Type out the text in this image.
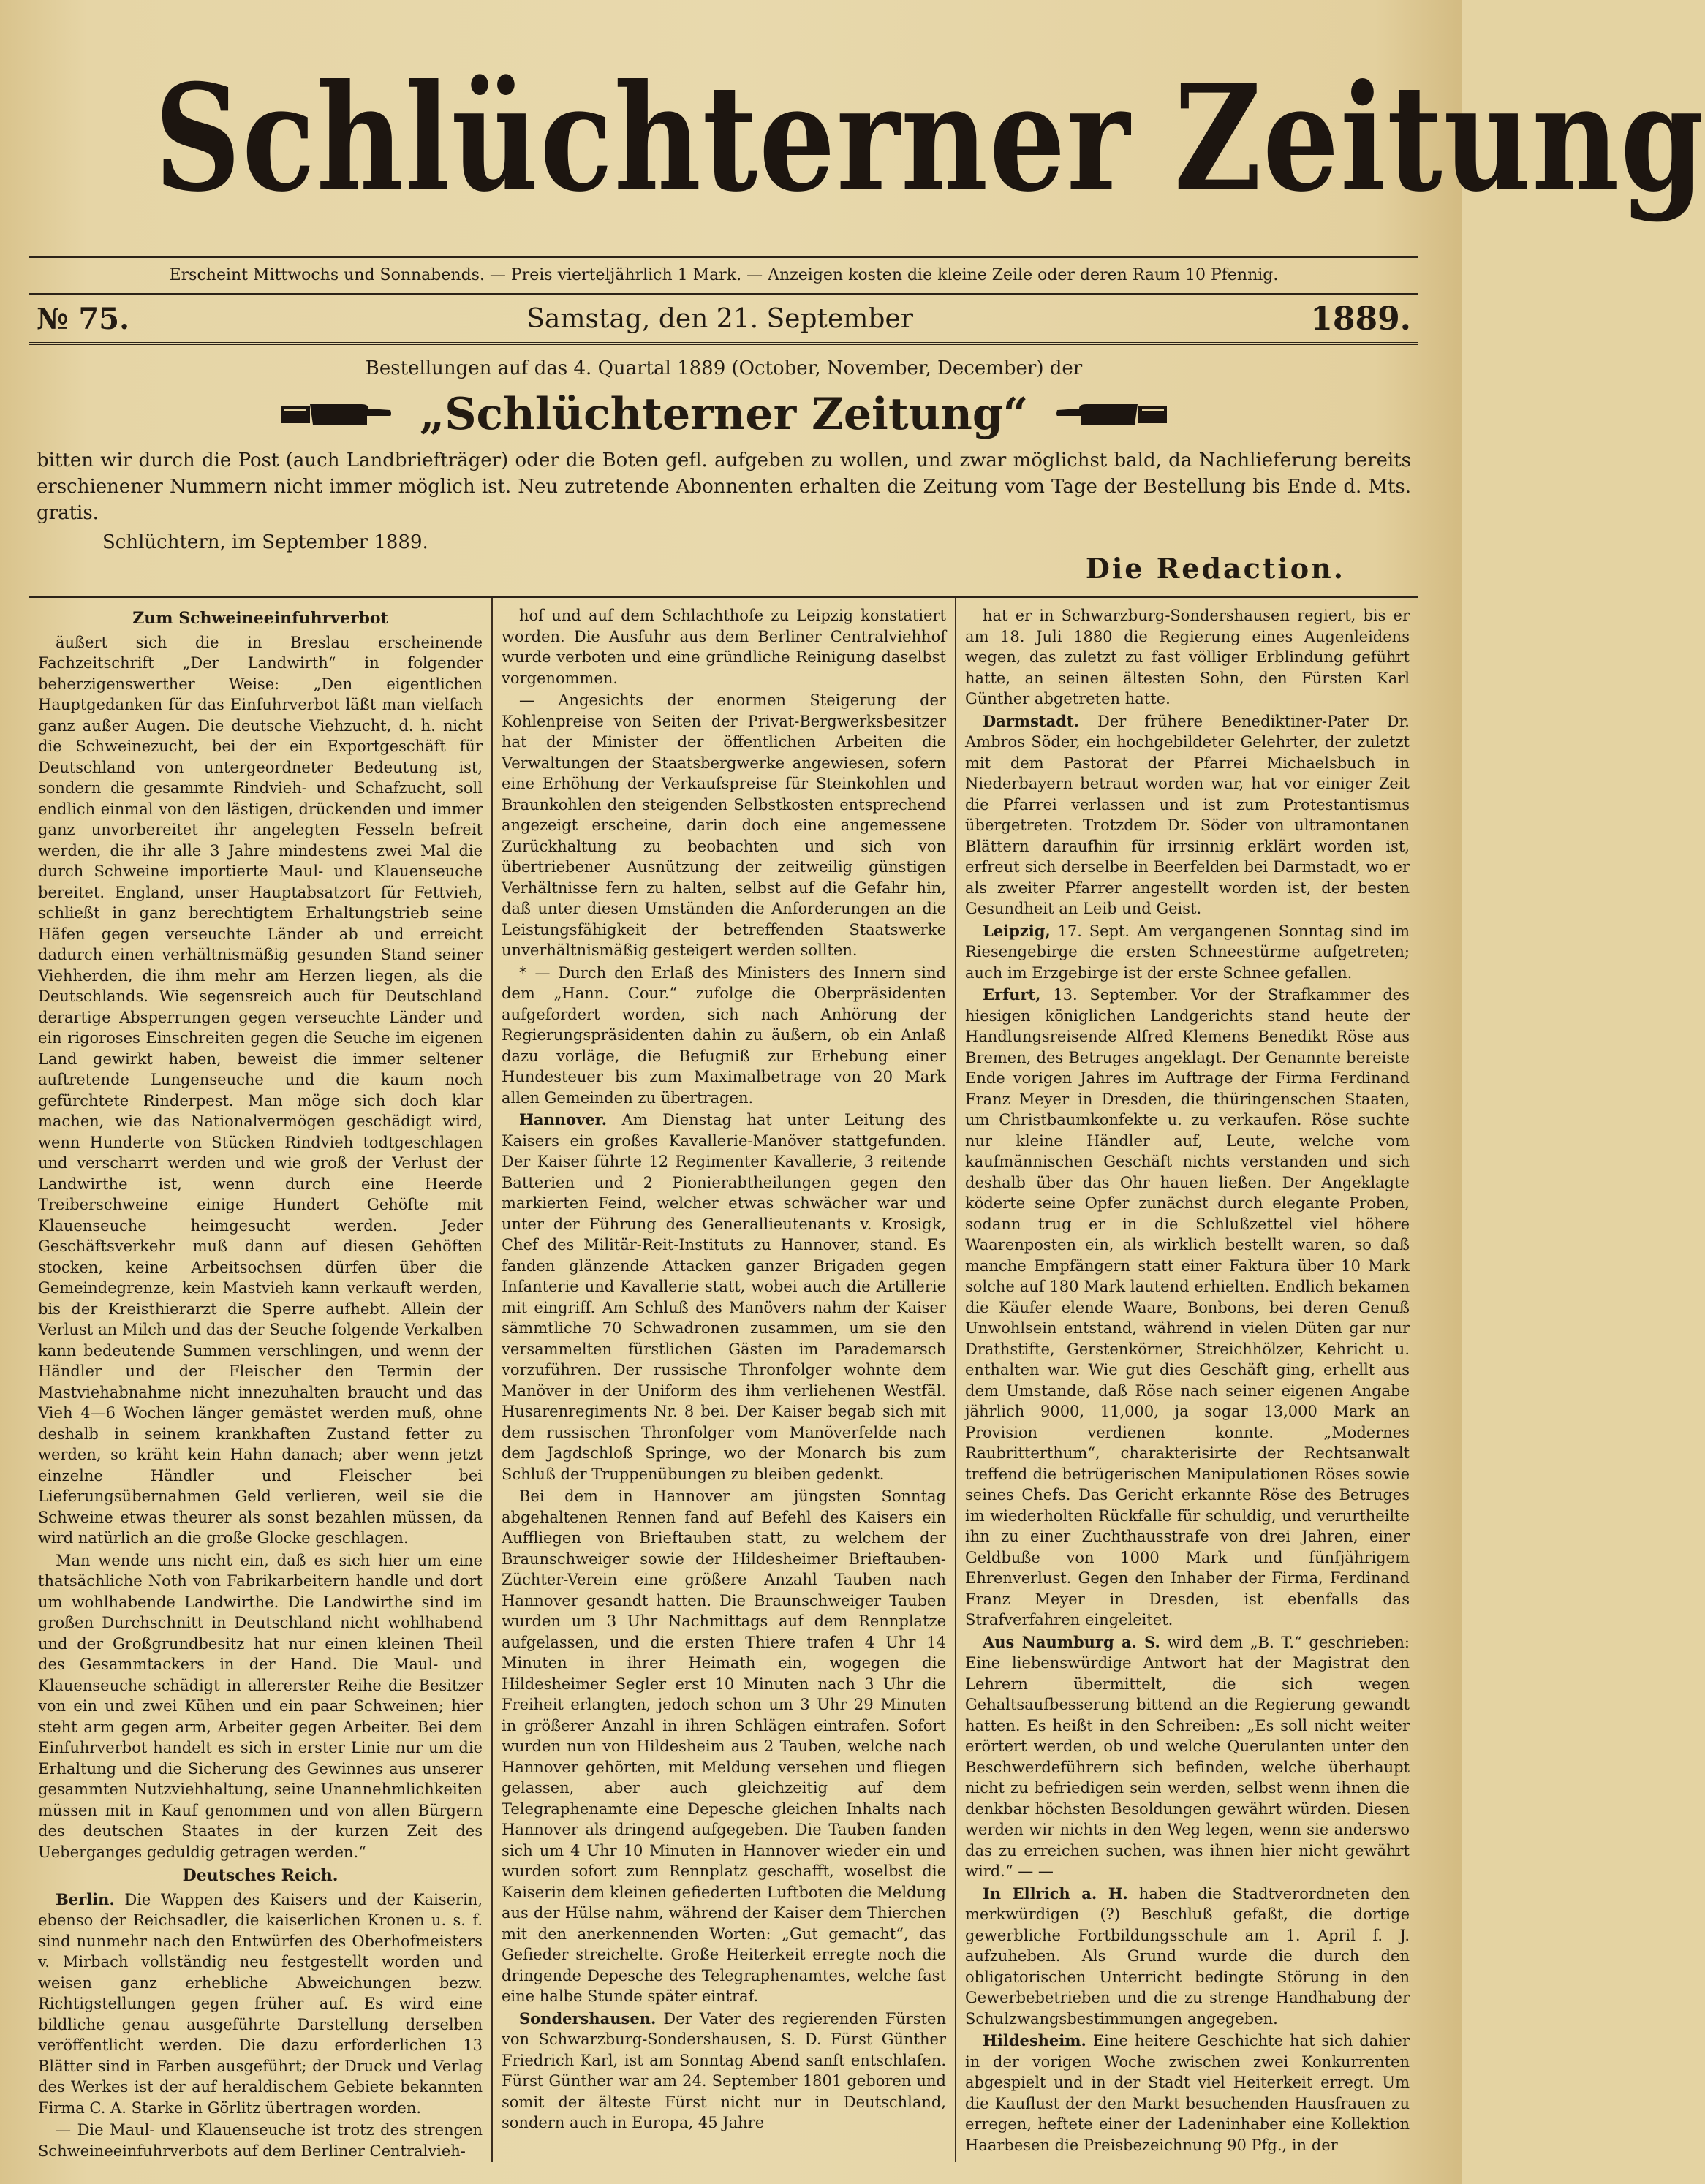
Schlüchterner Zeitung
Erscheint Mittwochs und Sonnabends. — Preis vierteljährlich 1 Mark. — Anzeigen kosten die kleine Zeile oder deren Raum 10 Pfennig.
№ 75.	Samstag, den 21. September	1889.
Bestellungen auf das 4. Quartal 1889 (October, November, December) der
„Schlüchterner Zeitung“
bitten wir durch die Post (auch Landbriefträger) oder die Boten gefl. aufgeben zu wollen, und zwar möglichst bald, da Nachlieferung bereits erschienener Nummern nicht immer möglich ist. Neu zutretende Abonnenten erhalten die Zeitung vom Tage der Bestellung bis Ende d. Mts. gratis.
Schlüchtern, im September 1889.
Die Redaction.
Zum Schweineeinfuhrverbot

äußert sich die in Breslau erscheinende Fachzeitschrift „Der Landwirth“ in folgender beherzigenswerther Weise: „Den eigentlichen Hauptgedanken für das Einfuhrverbot läßt man vielfach ganz außer Augen. Die deutsche Viehzucht, d. h. nicht die Schweinezucht, bei der ein Exportgeschäft für Deutschland von untergeordneter Bedeutung ist, sondern die gesammte Rindvieh- und Schafzucht, soll endlich einmal von den lästigen, drückenden und immer ganz unvorbereitet ihr angelegten Fesseln befreit werden, die ihr alle 3 Jahre mindestens zwei Mal die durch Schweine importierte Maul- und Klauenseuche bereitet. England, unser Hauptabsatzort für Fettvieh, schließt in ganz berechtigtem Erhaltungstrieb seine Häfen gegen verseuchte Länder ab und erreicht dadurch einen verhältnismäßig gesunden Stand seiner Viehherden, die ihm mehr am Herzen liegen, als die Deutschlands. Wie segensreich auch für Deutschland derartige Absperrungen gegen verseuchte Länder und ein rigoroses Einschreiten gegen die Seuche im eigenen Land gewirkt haben, beweist die immer seltener auftretende Lungenseuche und die kaum noch gefürchtete Rinderpest. Man möge sich doch klar machen, wie das Nationalvermögen geschädigt wird, wenn Hunderte von Stücken Rindvieh todtgeschlagen und verscharrt werden und wie groß der Verlust der Landwirthe ist, wenn durch eine Heerde Treiberschweine einige Hundert Gehöfte mit Klauenseuche heimgesucht werden. Jeder Geschäftsverkehr muß dann auf diesen Gehöften stocken, keine Arbeitsochsen dürfen über die Gemeindegrenze, kein Mastvieh kann verkauft werden, bis der Kreisthierarzt die Sperre aufhebt. Allein der Verlust an Milch und das der Seuche folgende Verkalben kann bedeutende Summen verschlingen, und wenn der Händler und der Fleischer den Termin der Mastviehabnahme nicht innezuhalten braucht und das Vieh 4—6 Wochen länger gemästet werden muß, ohne deshalb in seinem krankhaften Zustand fetter zu werden, so kräht kein Hahn danach; aber wenn jetzt einzelne Händler und Fleischer bei Lieferungsübernahmen Geld verlieren, weil sie die Schweine etwas theurer als sonst bezahlen müssen, da wird natürlich an die große Glocke geschlagen.

Man wende uns nicht ein, daß es sich hier um eine thatsächliche Noth von Fabrikarbeitern handle und dort um wohlhabende Landwirthe. Die Landwirthe sind im großen Durchschnitt in Deutschland nicht wohlhabend und der Großgrundbesitz hat nur einen kleinen Theil des Gesammtackers in der Hand. Die Maul- und Klauenseuche schädigt in allererster Reihe die Besitzer von ein und zwei Kühen und ein paar Schweinen; hier steht arm gegen arm, Arbeiter gegen Arbeiter. Bei dem Einfuhrverbot handelt es sich in erster Linie nur um die Erhaltung und die Sicherung des Gewinnes aus unserer gesammten Nutzviehhaltung, seine Unannehmlichkeiten müssen mit in Kauf genommen und von allen Bürgern des deutschen Staates in der kurzen Zeit des Ueberganges geduldig getragen werden.“

Deutsches Reich.

Berlin. Die Wappen des Kaisers und der Kaiserin, ebenso der Reichsadler, die kaiserlichen Kronen u. s. f. sind nunmehr nach den Entwürfen des Oberhofmeisters v. Mirbach vollständig neu festgestellt worden und weisen ganz erhebliche Abweichungen bezw. Richtigstellungen gegen früher auf. Es wird eine bildliche genau ausgeführte Darstellung derselben veröffentlicht werden. Die dazu erforderlichen 13 Blätter sind in Farben ausgeführt; der Druck und Verlag des Werkes ist der auf heraldischem Gebiete bekannten Firma C. A. Starke in Görlitz übertragen worden.

— Die Maul- und Klauenseuche ist trotz des strengen Schweineeinfuhrverbots auf dem Berliner Centralvieh-

hof und auf dem Schlachthofe zu Leipzig konstatiert worden. Die Ausfuhr aus dem Berliner Centralviehhof wurde verboten und eine gründliche Reinigung daselbst vorgenommen.

— Angesichts der enormen Steigerung der Kohlenpreise von Seiten der Privat-Bergwerksbesitzer hat der Minister der öffentlichen Arbeiten die Verwaltungen der Staatsbergwerke angewiesen, sofern eine Erhöhung der Verkaufspreise für Steinkohlen und Braunkohlen den steigenden Selbstkosten entsprechend angezeigt erscheine, darin doch eine angemessene Zurückhaltung zu beobachten und sich von übertriebener Ausnützung der zeitweilig günstigen Verhältnisse fern zu halten, selbst auf die Gefahr hin, daß unter diesen Umständen die Anforderungen an die Leistungsfähigkeit der betreffenden Staatswerke unverhältnismäßig gesteigert werden sollten.

* — Durch den Erlaß des Ministers des Innern sind dem „Hann. Cour.“ zufolge die Oberpräsidenten aufgefordert worden, sich nach Anhörung der Regierungspräsidenten dahin zu äußern, ob ein Anlaß dazu vorläge, die Befugniß zur Erhebung einer Hundesteuer bis zum Maximalbetrage von 20 Mark allen Gemeinden zu übertragen.

Hannover. Am Dienstag hat unter Leitung des Kaisers ein großes Kavallerie-Manöver stattgefunden. Der Kaiser führte 12 Regimenter Kavallerie, 3 reitende Batterien und 2 Pionierabtheilungen gegen den markierten Feind, welcher etwas schwächer war und unter der Führung des Generallieutenants v. Krosigk, Chef des Militär-Reit-Instituts zu Hannover, stand. Es fanden glänzende Attacken ganzer Brigaden gegen Infanterie und Kavallerie statt, wobei auch die Artillerie mit eingriff. Am Schluß des Manövers nahm der Kaiser sämmtliche 70 Schwadronen zusammen, um sie den versammelten fürstlichen Gästen im Parademarsch vorzuführen. Der russische Thronfolger wohnte dem Manöver in der Uniform des ihm verliehenen Westfäl. Husarenregiments Nr. 8 bei. Der Kaiser begab sich mit dem russischen Thronfolger vom Manöverfelde nach dem Jagdschloß Springe, wo der Monarch bis zum Schluß der Truppenübungen zu bleiben gedenkt.

Bei dem in Hannover am jüngsten Sonntag abgehaltenen Rennen fand auf Befehl des Kaisers ein Auffliegen von Brieftauben statt, zu welchem der Braunschweiger sowie der Hildesheimer Brieftauben-Züchter-Verein eine größere Anzahl Tauben nach Hannover gesandt hatten. Die Braunschweiger Tauben wurden um 3 Uhr Nachmittags auf dem Rennplatze aufgelassen, und die ersten Thiere trafen 4 Uhr 14 Minuten in ihrer Heimath ein, wogegen die Hildesheimer Segler erst 10 Minuten nach 3 Uhr die Freiheit erlangten, jedoch schon um 3 Uhr 29 Minuten in größerer Anzahl in ihren Schlägen eintrafen. Sofort wurden nun von Hildesheim aus 2 Tauben, welche nach Hannover gehörten, mit Meldung versehen und fliegen gelassen, aber auch gleichzeitig auf dem Telegraphenamte eine Depesche gleichen Inhalts nach Hannover als dringend aufgegeben. Die Tauben fanden sich um 4 Uhr 10 Minuten in Hannover wieder ein und wurden sofort zum Rennplatz geschafft, woselbst die Kaiserin dem kleinen gefiederten Luftboten die Meldung aus der Hülse nahm, während der Kaiser dem Thierchen mit den anerkennenden Worten: „Gut gemacht“, das Gefieder streichelte. Große Heiterkeit erregte noch die dringende Depesche des Telegraphenamtes, welche fast eine halbe Stunde später eintraf.

Sondershausen. Der Vater des regierenden Fürsten von Schwarzburg-Sondershausen, S. D. Fürst Günther Friedrich Karl, ist am Sonntag Abend sanft entschlafen. Fürst Günther war am 24. September 1801 geboren und somit der älteste Fürst nicht nur in Deutschland, sondern auch in Europa, 45 Jahre

hat er in Schwarzburg-Sondershausen regiert, bis er am 18. Juli 1880 die Regierung eines Augenleidens wegen, das zuletzt zu fast völliger Erblindung geführt hatte, an seinen ältesten Sohn, den Fürsten Karl Günther abgetreten hatte.

Darmstadt. Der frühere Benediktiner-Pater Dr. Ambros Söder, ein hochgebildeter Gelehrter, der zuletzt mit dem Pastorat der Pfarrei Michaelsbuch in Niederbayern betraut worden war, hat vor einiger Zeit die Pfarrei verlassen und ist zum Protestantismus übergetreten. Trotzdem Dr. Söder von ultramontanen Blättern daraufhin für irrsinnig erklärt worden ist, erfreut sich derselbe in Beerfelden bei Darmstadt, wo er als zweiter Pfarrer angestellt worden ist, der besten Gesundheit an Leib und Geist.

Leipzig, 17. Sept. Am vergangenen Sonntag sind im Riesengebirge die ersten Schneestürme aufgetreten; auch im Erzgebirge ist der erste Schnee gefallen.

Erfurt, 13. September. Vor der Strafkammer des hiesigen königlichen Landgerichts stand heute der Handlungsreisende Alfred Klemens Benedikt Röse aus Bremen, des Betruges angeklagt. Der Genannte bereiste Ende vorigen Jahres im Auftrage der Firma Ferdinand Franz Meyer in Dresden, die thüringenschen Staaten, um Christbaumkonfekte u. zu verkaufen. Röse suchte nur kleine Händler auf, Leute, welche vom kaufmännischen Geschäft nichts verstanden und sich deshalb über das Ohr hauen ließen. Der Angeklagte köderte seine Opfer zunächst durch elegante Proben, sodann trug er in die Schlußzettel viel höhere Waarenposten ein, als wirklich bestellt waren, so daß manche Empfängern statt einer Faktura über 10 Mark solche auf 180 Mark lautend erhielten. Endlich bekamen die Käufer elende Waare, Bonbons, bei deren Genuß Unwohlsein entstand, während in vielen Düten gar nur Drathstifte, Gerstenkörner, Streichhölzer, Kehricht u. enthalten war. Wie gut dies Geschäft ging, erhellt aus dem Umstande, daß Röse nach seiner eigenen Angabe jährlich 9000, 11,000, ja sogar 13,000 Mark an Provision verdienen konnte. „Modernes Raubritterthum“, charakterisirte der Rechtsanwalt treffend die betrügerischen Manipulationen Röses sowie seines Chefs. Das Gericht erkannte Röse des Betruges im wiederholten Rückfalle für schuldig, und verurtheilte ihn zu einer Zuchthausstrafe von drei Jahren, einer Geldbuße von 1000 Mark und fünfjährigem Ehrenverlust. Gegen den Inhaber der Firma, Ferdinand Franz Meyer in Dresden, ist ebenfalls das Strafverfahren eingeleitet.

Aus Naumburg a. S. wird dem „B. T.“ geschrieben: Eine liebenswürdige Antwort hat der Magistrat den Lehrern übermittelt, die sich wegen Gehaltsaufbesserung bittend an die Regierung gewandt hatten. Es heißt in den Schreiben: „Es soll nicht weiter erörtert werden, ob und welche Querulanten unter den Beschwerdeführern sich befinden, welche überhaupt nicht zu befriedigen sein werden, selbst wenn ihnen die denkbar höchsten Besoldungen gewährt würden. Diesen werden wir nichts in den Weg legen, wenn sie anderswo das zu erreichen suchen, was ihnen hier nicht gewährt wird.“ — —

In Ellrich a. H. haben die Stadtverordneten den merkwürdigen (?) Beschluß gefaßt, die dortige gewerbliche Fortbildungsschule am 1. April f. J. aufzuheben. Als Grund wurde die durch den obligatorischen Unterricht bedingte Störung in den Gewerbebetrieben und die zu strenge Handhabung der Schulzwangsbestimmungen angegeben.

Hildesheim. Eine heitere Geschichte hat sich dahier in der vorigen Woche zwischen zwei Konkurrenten abgespielt und in der Stadt viel Heiterkeit erregt. Um die Kauflust der den Markt besuchenden Hausfrauen zu erregen, heftete einer der Ladeninhaber eine Kollektion Haarbesen die Preisbezeichnung 90 Pfg., in der
